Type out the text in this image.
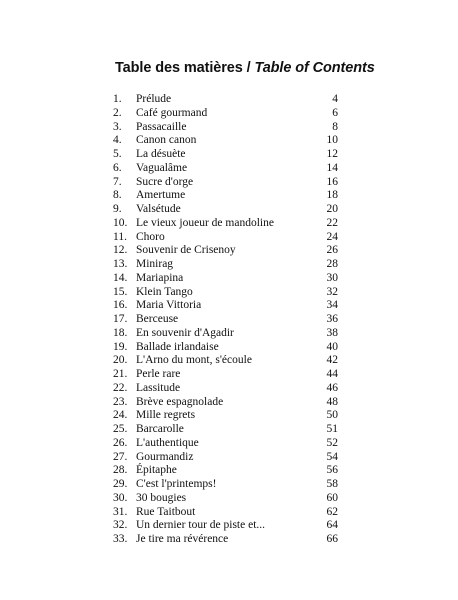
Table des matières / Table of Contents
1. Prélude	4
2. Café gourmand	6
3. Passacaille	8
4. Canon canon	10
5. La désuète	12
6. Vagualâme	14
7. Sucre d'orge	16
8. Amertume	18
9. Valsétude	20
10. Le vieux joueur de mandoline	22
11. Choro	24
12. Souvenir de Crisenoy	26
13. Minirag	28
14. Mariapina	30
15. Klein Tango	32
16. Maria Vittoria	34
17. Berceuse	36
18. En souvenir d'Agadir	38
19. Ballade irlandaise	40
20. L'Arno du mont, s'écoule	42
21. Perle rare	44
22. Lassitude	46
23. Brève espagnolade	48
24. Mille regrets	50
25. Barcarolle	51
26. L'authentique	52
27. Gourmandiz	54
28. Épitaphe	56
29. C'est l'printemps!	58
30. 30 bougies	60
31. Rue Taitbout	62
32. Un dernier tour de piste et...	64
33. Je tire ma révérence	66
